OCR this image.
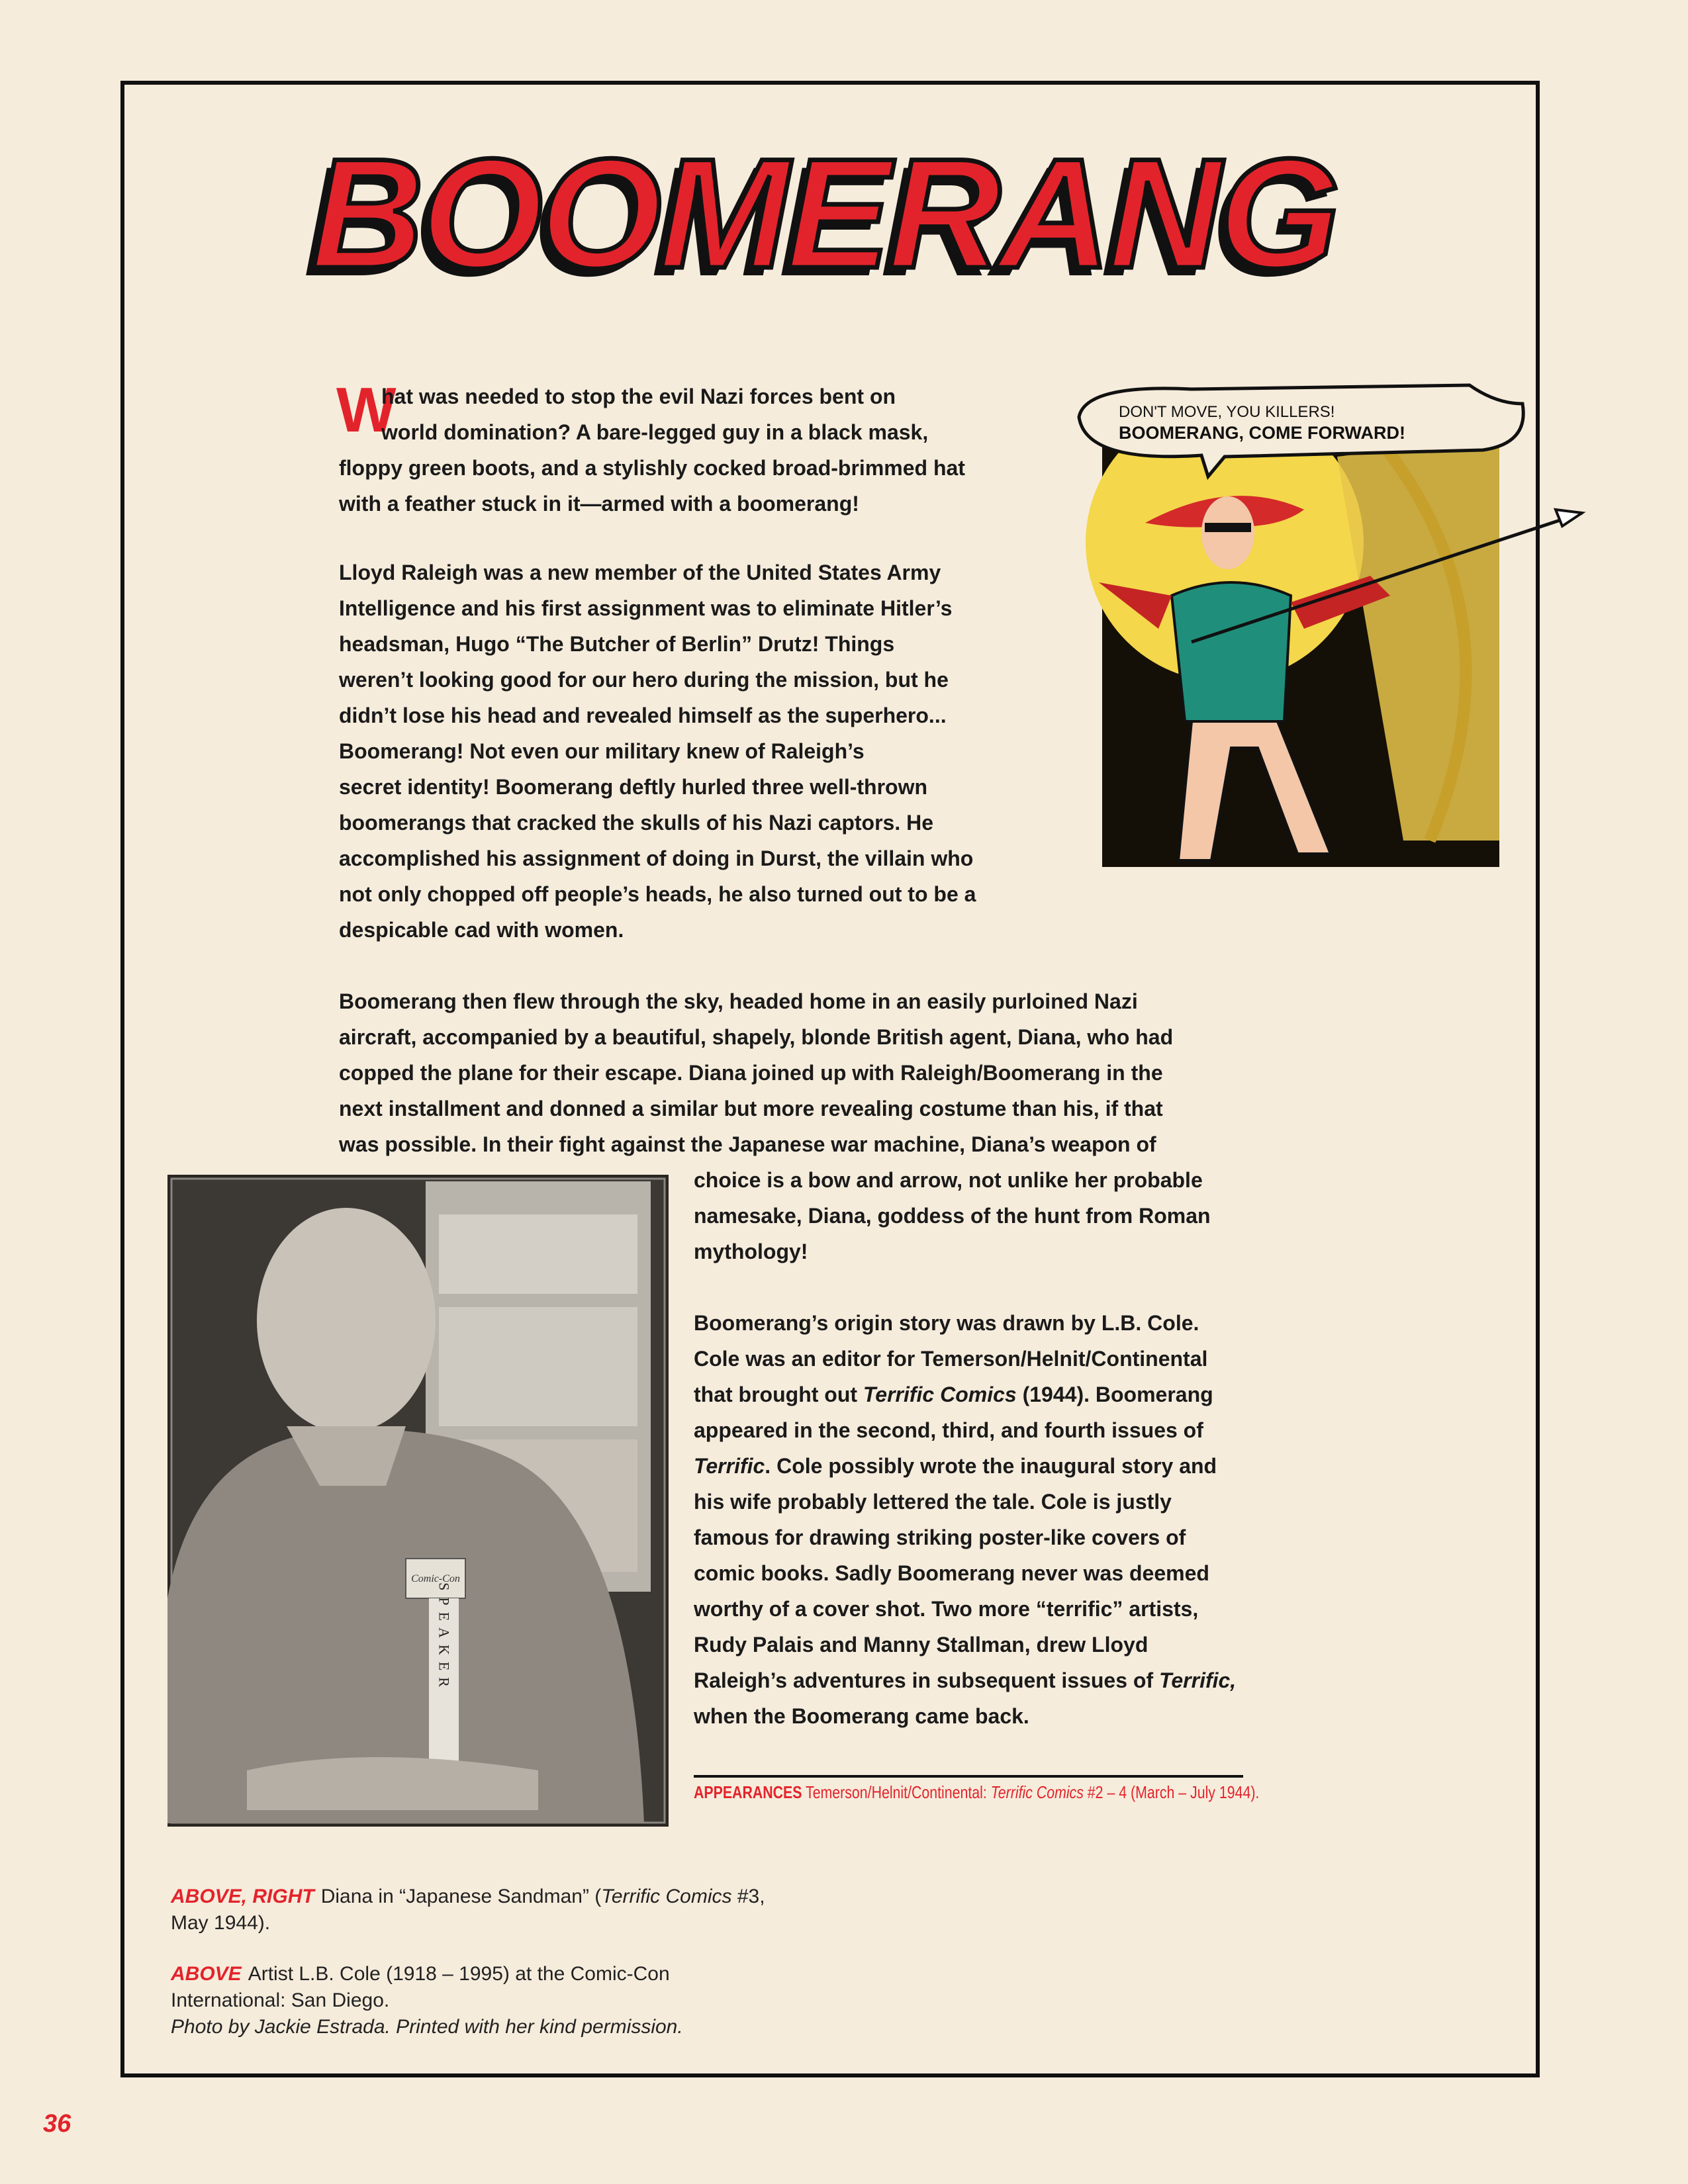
BOOMERANG
W
hat was needed to stop the evil Nazi forces bent on
world domination? A bare-legged guy in a black mask,
floppy green boots, and a stylishly cocked broad-brimmed hat
with a feather stuck in it—armed with a boomerang!
Lloyd Raleigh was a new member of the United States Army
Intelligence and his first assignment was to eliminate Hitler’s
headsman, Hugo “The Butcher of Berlin” Drutz! Things
weren’t looking good for our hero during the mission, but he
didn’t lose his head and revealed himself as the superhero...
Boomerang! Not even our military knew of Raleigh’s
secret identity! Boomerang deftly hurled three well-thrown
boomerangs that cracked the skulls of his Nazi captors. He
accomplished his assignment of doing in Durst, the villain who
not only chopped off people’s heads, he also turned out to be a
despicable cad with women.
Boomerang then flew through the sky, headed home in an easily purloined Nazi
aircraft, accompanied by a beautiful, shapely, blonde British agent, Diana, who had
copped the plane for their escape. Diana joined up with Raleigh/Boomerang in the
next installment and donned a similar but more revealing costume than his, if that
was possible. In their fight against the Japanese war machine, Diana’s weapon of
choice is a bow and arrow, not unlike her probable
namesake, Diana, goddess of the hunt from Roman
mythology!
Boomerang’s origin story was drawn by L.B. Cole.
Cole was an editor for Temerson/Helnit/Continental
that brought out Terrific Comics (1944). Boomerang
appeared in the second, third, and fourth issues of
Terrific. Cole possibly wrote the inaugural story and
his wife probably lettered the tale. Cole is justly
famous for drawing striking poster-like covers of
comic books. Sadly Boomerang never was deemed
worthy of a cover shot. Two more “terrific” artists,
Rudy Palais and Manny Stallman, drew Lloyd
Raleigh’s adventures in subsequent issues of Terrific,
when the Boomerang came back.
DON'T MOVE, YOU KILLERS!
BOOMERANG, COME FORWARD!
Comic-Con
SPEAKER
APPEARANCES Temerson/Helnit/Continental: Terrific Comics #2 – 4 (March – July 1944).
ABOVE, RIGHT Diana in “Japanese Sandman” (Terrific Comics #3,
May 1944).
ABOVE Artist L.B. Cole (1918 – 1995) at the Comic-Con
International: San Diego.
Photo by Jackie Estrada. Printed with her kind permission.
36
